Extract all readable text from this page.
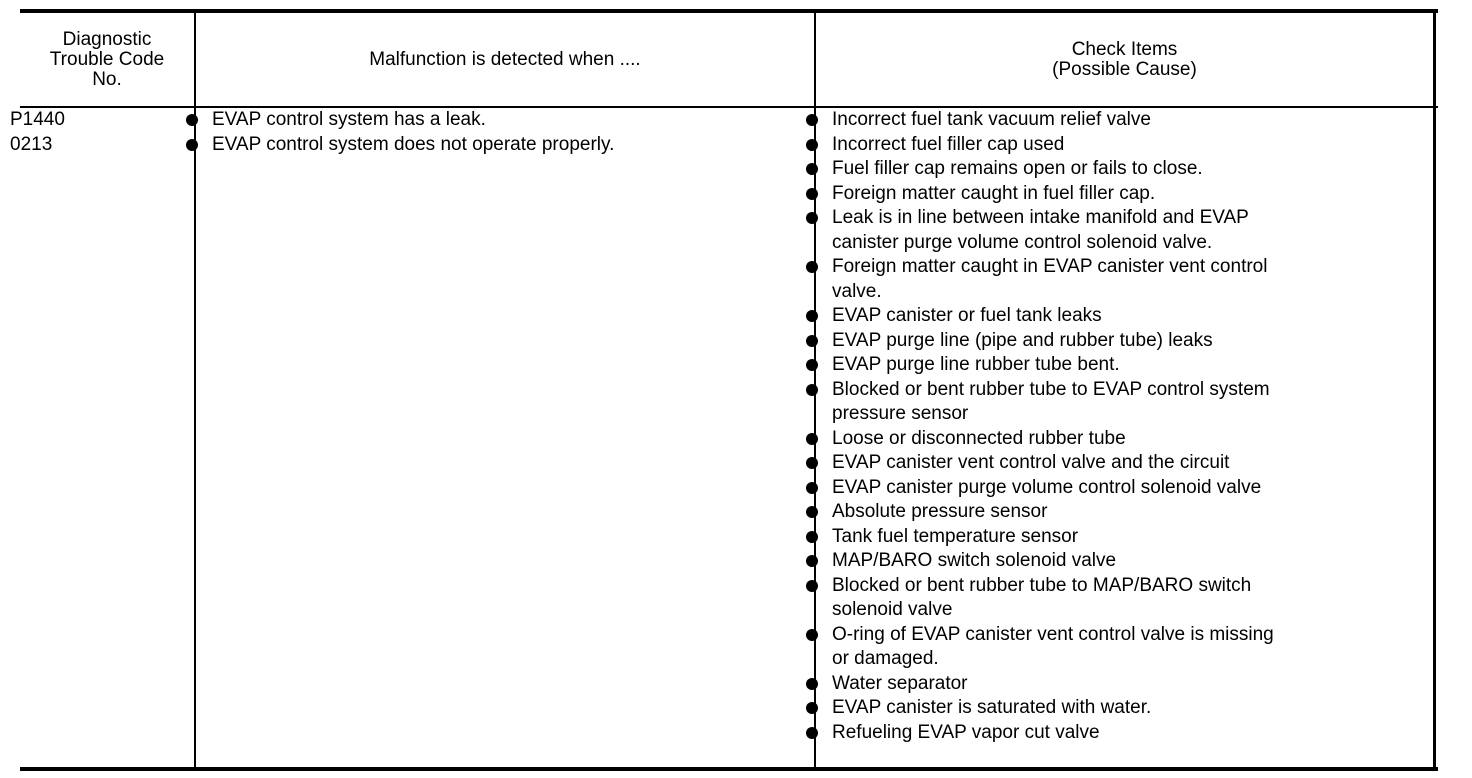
Diagnostic
Trouble Code
No.
Malfunction is detected when ....	Check Items
(Possible Cause)
P1440
0213
EVAP control system has a leak.
EVAP control system does not operate properly.
Incorrect fuel tank vacuum relief valve
Incorrect fuel filler cap used
Fuel filler cap remains open or fails to close.
Foreign matter caught in fuel filler cap.
Leak is in line between intake manifold and EVAP
canister purge volume control solenoid valve.
Foreign matter caught in EVAP canister vent control
valve.
EVAP canister or fuel tank leaks
EVAP purge line (pipe and rubber tube) leaks
EVAP purge line rubber tube bent.
Blocked or bent rubber tube to EVAP control system
pressure sensor
Loose or disconnected rubber tube
EVAP canister vent control valve and the circuit
EVAP canister purge volume control solenoid valve
Absolute pressure sensor
Tank fuel temperature sensor
MAP/BARO switch solenoid valve
Blocked or bent rubber tube to MAP/BARO switch
solenoid valve
O-ring of EVAP canister vent control valve is missing
or damaged.
Water separator
EVAP canister is saturated with water.
Refueling EVAP vapor cut valve
